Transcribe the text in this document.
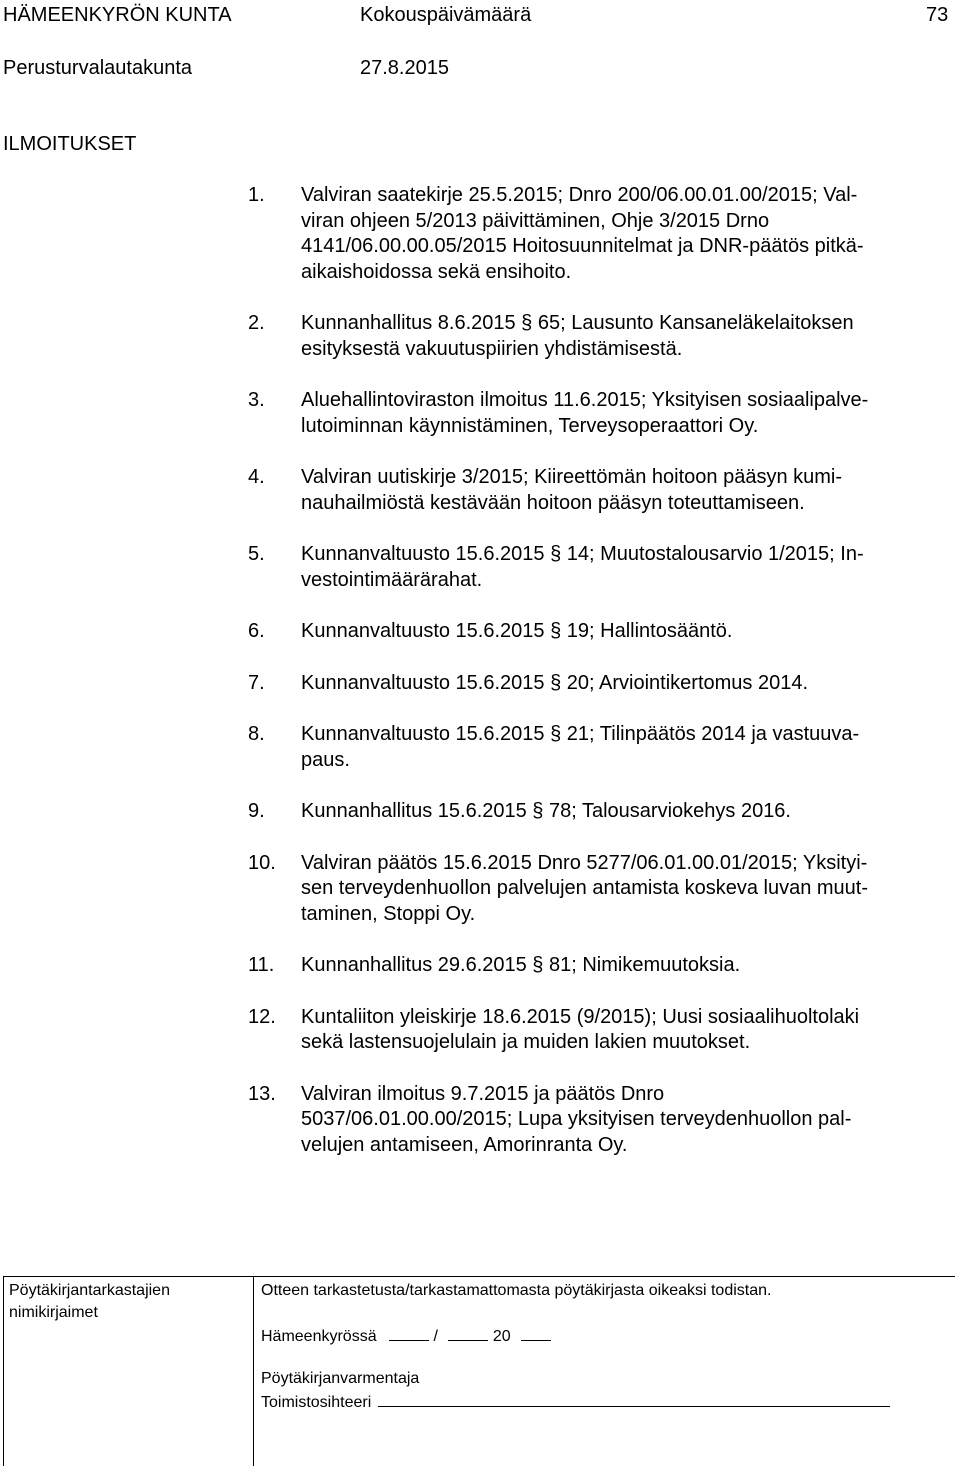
HÄMEENKYRÖN KUNTA	Kokouspäivämäärä	73
Perusturvalautakunta	27.8.2015
ILMOITUKSET
1.	Valviran saatekirje 25.5.2015; Dnro 200/06.00.01.00/2015; Val-
viran ohjeen 5/2013 päivittäminen, Ohje 3/2015 Drno
4141/06.00.00.05/2015 Hoitosuunnitelmat ja DNR-päätös pitkä-
aikaishoidossa sekä ensihoito.
2.	Kunnanhallitus 8.6.2015 § 65; Lausunto Kansaneläkelaitoksen
esityksestä vakuutuspiirien yhdistämisestä.
3.	Aluehallintoviraston ilmoitus 11.6.2015; Yksityisen sosiaalipalve-
lutoiminnan käynnistäminen, Terveysoperaattori Oy.
4.	Valviran uutiskirje 3/2015; Kiireettömän hoitoon pääsyn kumi-
nauhailmiöstä kestävään hoitoon pääsyn toteuttamiseen.
5.	Kunnanvaltuusto 15.6.2015 § 14; Muutostalousarvio 1/2015; In-
vestointimäärärahat.
6.	Kunnanvaltuusto 15.6.2015 § 19; Hallintosääntö.
7.	Kunnanvaltuusto 15.6.2015 § 20; Arviointikertomus 2014.
8.	Kunnanvaltuusto 15.6.2015 § 21; Tilinpäätös 2014 ja vastuuva-
paus.
9.	Kunnanhallitus 15.6.2015 § 78; Talousarviokehys 2016.
10.	Valviran päätös 15.6.2015 Dnro 5277/06.01.00.01/2015; Yksityi-
sen terveydenhuollon palvelujen antamista koskeva luvan muut-
taminen, Stoppi Oy.
11.	Kunnanhallitus 29.6.2015 § 81; Nimikemuutoksia.
12.	Kuntaliiton yleiskirje 18.6.2015 (9/2015); Uusi sosiaalihuoltolaki
sekä lastensuojelulain ja muiden lakien muutokset.
13.	Valviran ilmoitus 9.7.2015 ja päätös Dnro
5037/06.01.00.00/2015; Lupa yksityisen terveydenhuollon pal-
velujen antamiseen, Amorinranta Oy.
Pöytäkirjantarkastajien
nimikirjaimet
Otteen tarkastetusta/tarkastamattomasta pöytäkirjasta oikeaksi todistan.
Hämeenkyrössä	/	20
Pöytäkirjanvarmentaja
Toimistosihteeri
